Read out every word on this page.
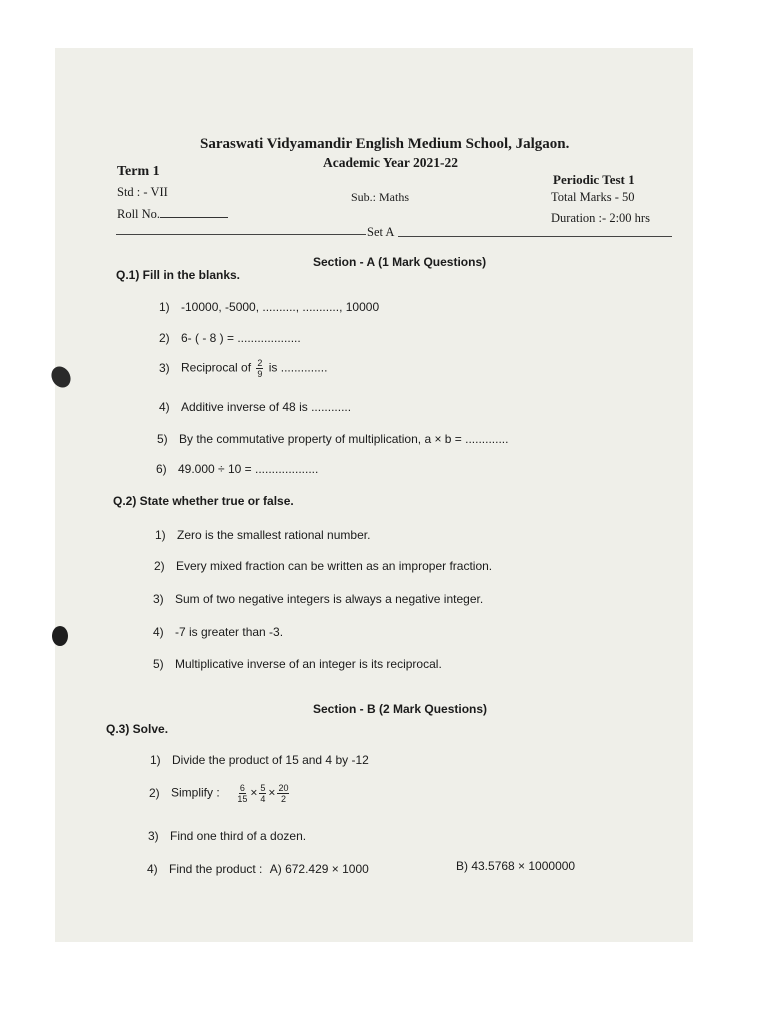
Saraswati Vidyamandir English Medium School, Jalgaon.
Academic Year 2021-22
Term 1
Std : - VII
Roll No.
Sub.: Maths
Periodic Test 1
Total Marks - 50
Duration :- 2:00 hrs
Set A
Section - A (1 Mark Questions)
Q.1) Fill in the blanks.
1) -10000, -5000, .........., ..........., 10000
2) 6- ( - 8 ) = ...................
3) Reciprocal of $\frac{2}{9}$ is ..............
4) Additive inverse of 48 is ............
5) By the commutative property of multiplication, a × b = .............
6) 49.000 ÷ 10 = ...................
Q.2) State whether true or false.
1) Zero is the smallest rational number.
2) Every mixed fraction can be written as an improper fraction.
3) Sum of two negative integers is always a negative integer.
4) -7 is greater than -3.
5) Multiplicative inverse of an integer is its reciprocal.
Section - B (2 Mark Questions)
Q.3) Solve.
1) Divide the product of 15 and 4 by -12
2) Simplify : $\frac{6}{15} \times \frac{5}{4} \times \frac{20}{2}$
3) Find one third of a dozen.
4) Find the product : A) 672.429 × 1000	B) 43.5768 × 1000000
